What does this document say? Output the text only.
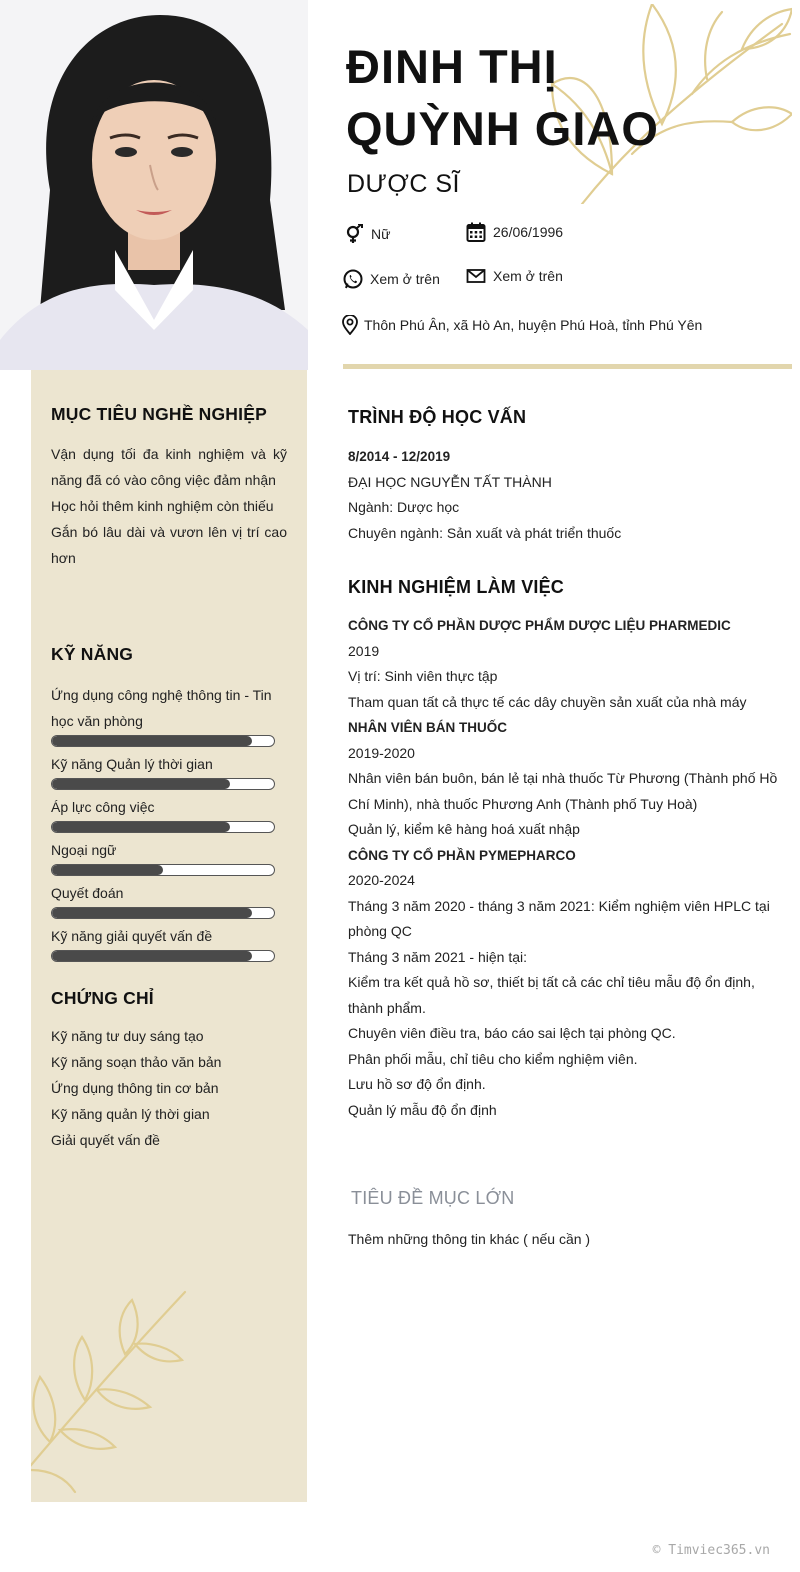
MỤC TIÊU NGHỀ NGHIỆP
Vận dụng tối đa kinh nghiệm và kỹ năng đã có vào công việc đảm nhận
Học hỏi thêm kinh nghiệm còn thiếu
Gắn bó lâu dài và vươn lên vị trí cao hơn
KỸ NĂNG
Ứng dụng công nghệ thông tin - Tin học văn phòng
Kỹ năng Quản lý thời gian
Áp lực công việc
Ngoại ngữ
Quyết đoán
Kỹ năng giải quyết vấn đề
CHỨNG CHỈ
Kỹ năng tư duy sáng tạo
Kỹ năng soạn thảo văn bản
Ứng dụng thông tin cơ bản
Kỹ năng quản lý thời gian
Giải quyết vấn đề
ĐINH THỊ
QUỲNH GIAO
DƯỢC SĨ
Nữ	26/06/1996
Xem ở trên	Xem ở trên
Thôn Phú Ân, xã Hò An, huyện Phú Hoà, tỉnh Phú Yên
TRÌNH ĐỘ HỌC VẤN
8/2014 - 12/2019
ĐẠI HỌC NGUYỄN TẤT THÀNH
Ngành: Dược học
Chuyên ngành: Sản xuất và phát triển thuốc
KINH NGHIỆM LÀM VIỆC
CÔNG TY CỔ PHẦN DƯỢC PHẨM DƯỢC LIỆU PHARMEDIC
2019
Vị trí: Sinh viên thực tập
Tham quan tất cả thực tế các dây chuyền sản xuất của nhà máy
NHÂN VIÊN BÁN THUỐC
2019-2020
Nhân viên bán buôn, bán lẻ tại nhà thuốc Từ Phương (Thành phố Hồ Chí Minh), nhà thuốc Phương Anh (Thành phố Tuy Hoà)
Quản lý, kiểm kê hàng hoá xuất nhập
CÔNG TY CỔ PHẦN PYMEPHARCO
2020-2024
Tháng 3 năm 2020 - tháng 3 năm 2021: Kiểm nghiệm viên HPLC tại phòng QC
Tháng 3 năm 2021 - hiện tại:
Kiểm tra kết quả hồ sơ, thiết bị tất cả các chỉ tiêu mẫu độ ổn định, thành phẩm.
Chuyên viên điều tra, báo cáo sai lệch tại phòng QC.
Phân phối mẫu, chỉ tiêu cho kiểm nghiệm viên.
Lưu hồ sơ độ ổn định.
Quản lý mẫu độ ổn định
TIÊU ĐỀ MỤC LỚN
Thêm những thông tin khác ( nếu cần )
© Timviec365.vn
